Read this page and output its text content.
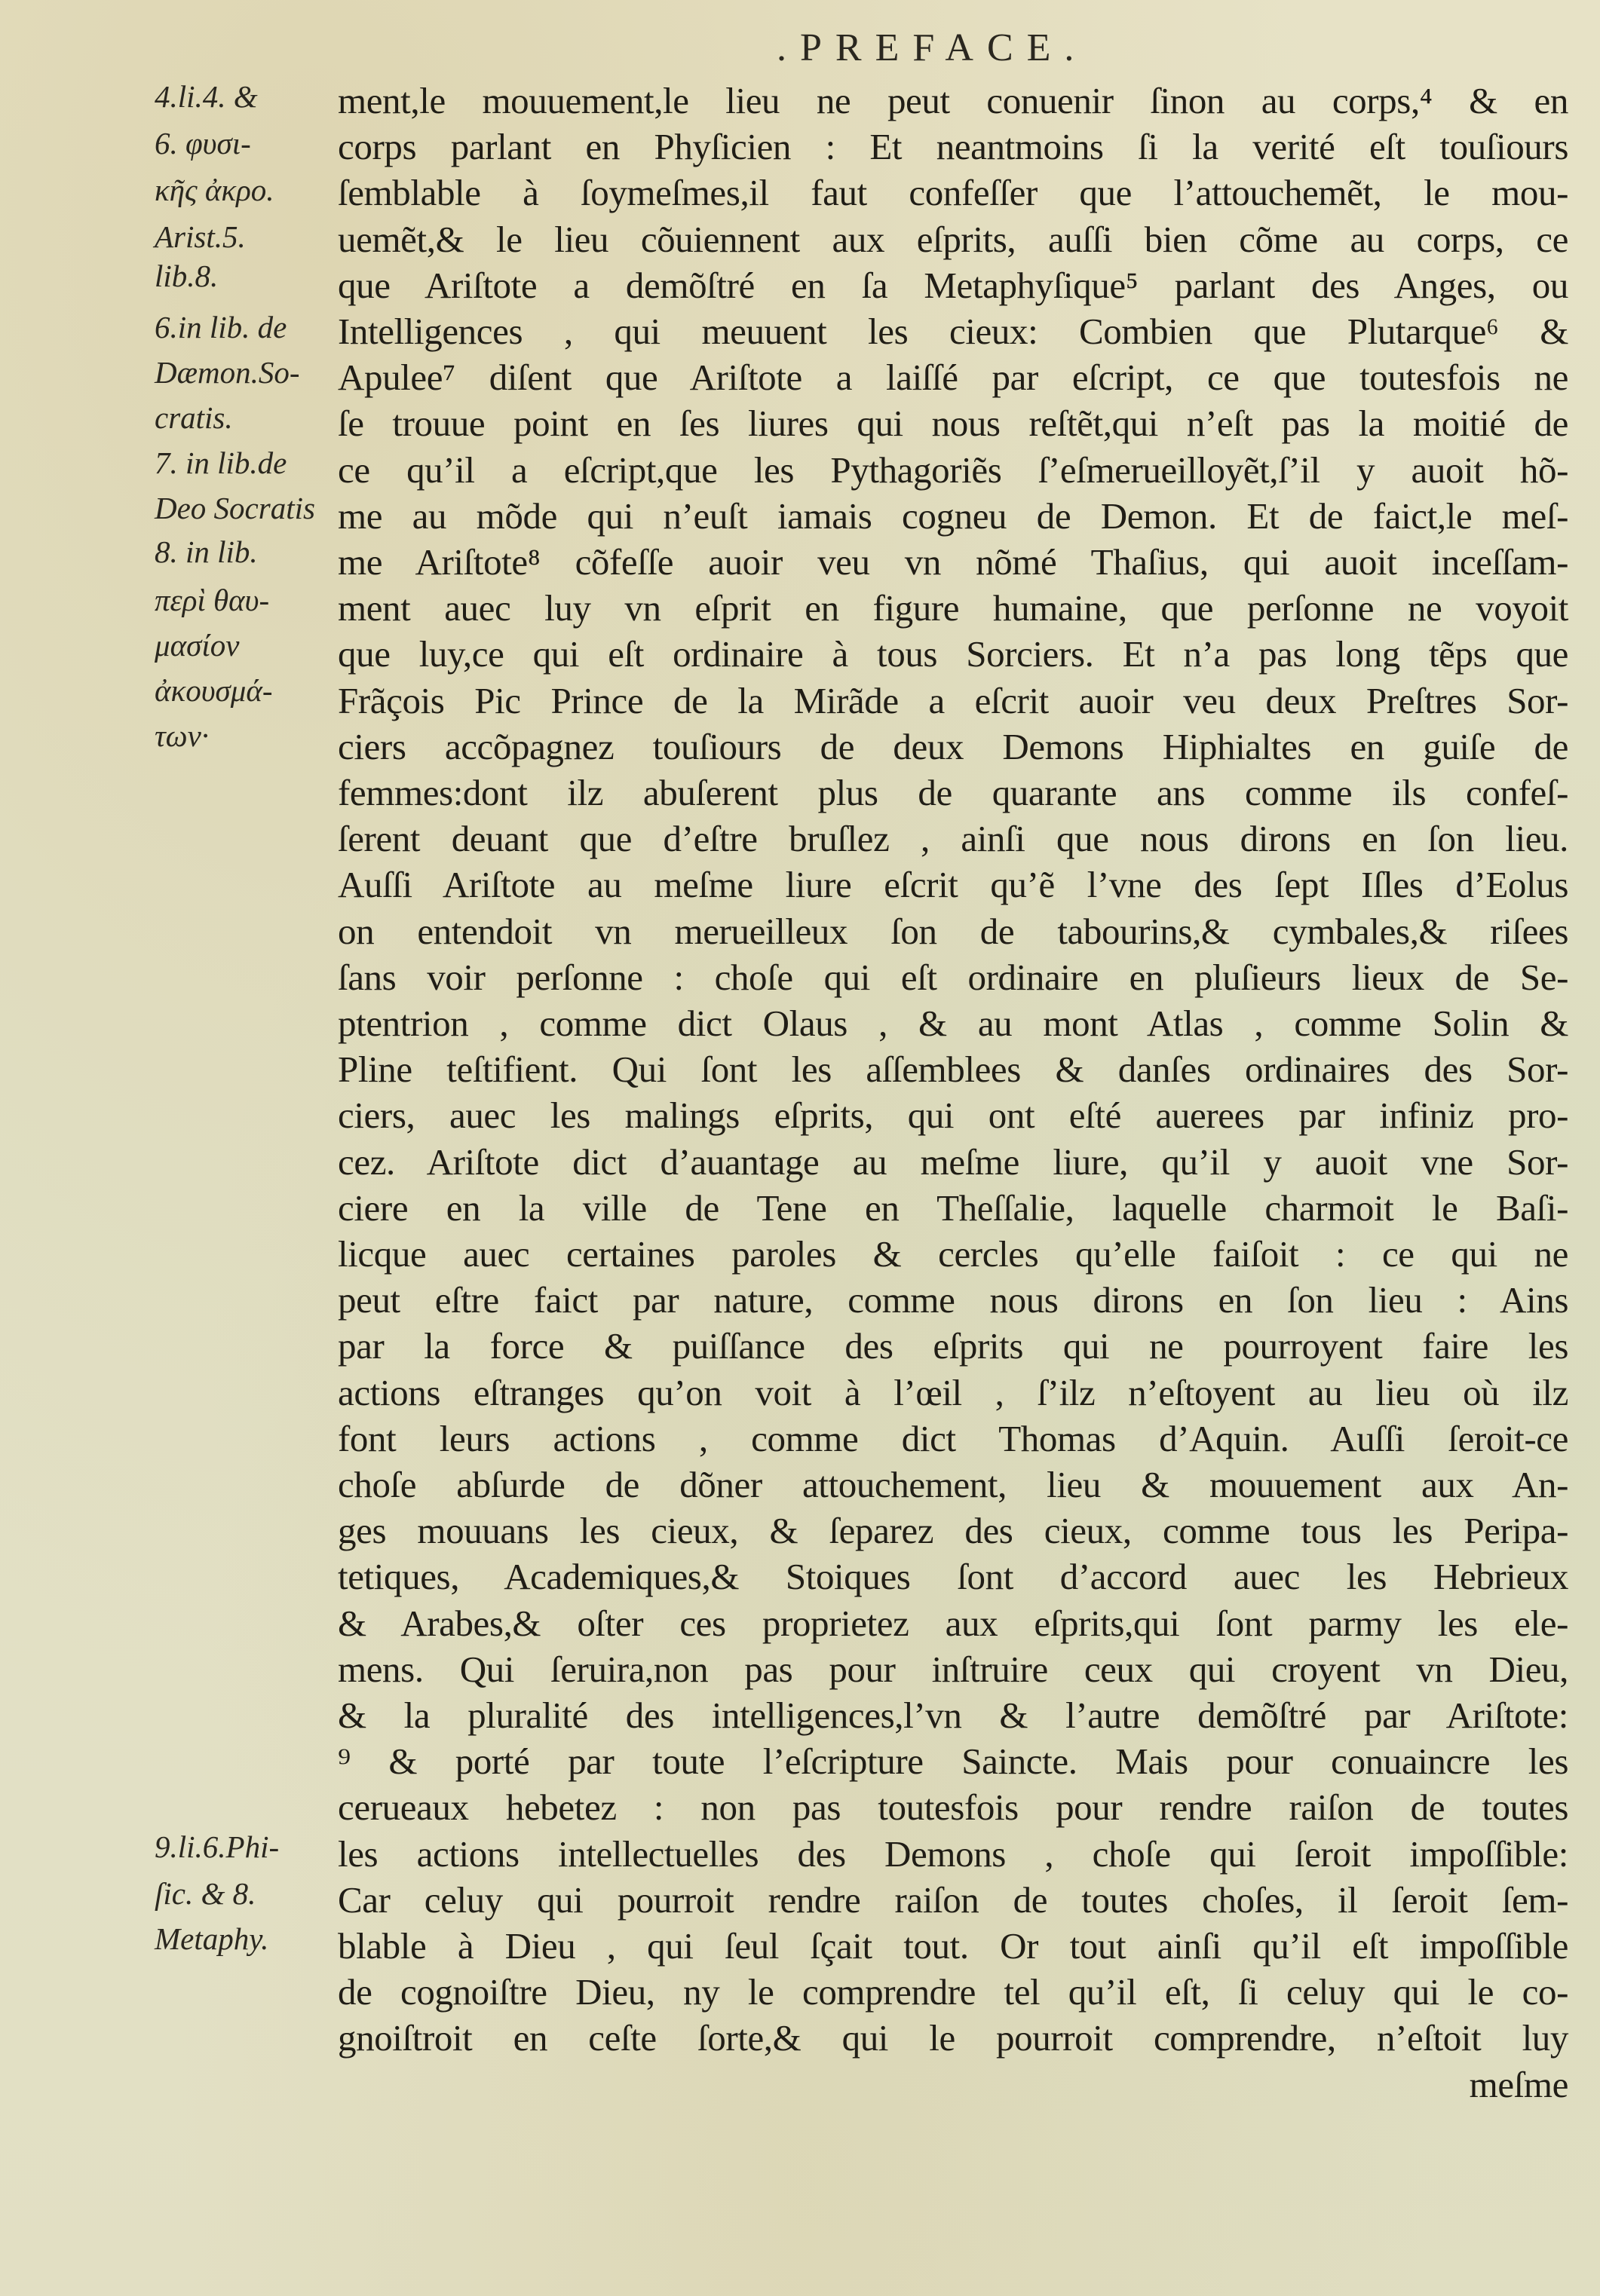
.PREFACE.
4.li.4. &
6. φυσι-
κῆς ἀκρο.
Arist.5.
lib.8.
6.in lib. de
Dæmon.So-
cratis.
7. in lib.de
Deo Socratis
8. in lib.
περὶ θαυ-
μασίον
ἀκουσμά-
των·
9.li.6.Phi-
ſic. & 8.
Metaphy.
ment,le mouuement,le lieu ne peut conuenir ſinon au corps,⁴ & en
corps parlant en Phyſicien : Et neantmoins ſi la verité eſt touſiours
ſemblable à ſoymeſmes,il faut confeſſer que l’attouchemẽt, le mou-
uemẽt,& le lieu cõuiennent aux eſprits, auſſi bien cõme au corps, ce
que Ariſtote a demõſtré en ſa Metaphyſique⁵ parlant des Anges, ou
Intelligences , qui meuuent les cieux: Combien que Plutarque⁶ &
Apulee⁷ diſent que Ariſtote a laiſſé par eſcript, ce que toutesfois ne
ſe trouue point en ſes liures qui nous reſtẽt,qui n’eſt pas la moitié de
ce qu’il a eſcript,que les Pythagoriẽs ſ’eſmerueilloyẽt,ſ’il y auoit hõ-
me au mõde qui n’euſt iamais cogneu de Demon. Et de faict,le meſ-
me Ariſtote⁸ cõfeſſe auoir veu vn nõmé Thaſius, qui auoit inceſſam-
ment auec luy vn eſprit en figure humaine, que perſonne ne voyoit
que luy,ce qui eſt ordinaire à tous Sorciers. Et n’a pas long tẽps que
Frãçois Pic Prince de la Mirãde a eſcrit auoir veu deux Preſtres Sor-
ciers accõpagnez touſiours de deux Demons Hiphialtes en guiſe de
femmes:dont ilz abuſerent plus de quarante ans comme ils confeſ-
ſerent deuant que d’eſtre bruſlez , ainſi que nous dirons en ſon lieu.
Auſſi Ariſtote au meſme liure eſcrit qu’ẽ l’vne des ſept Iſles d’Eolus
on entendoit vn merueilleux ſon de tabourins,& cymbales,& riſees
ſans voir perſonne : choſe qui eſt ordinaire en pluſieurs lieux de Se-
ptentrion , comme dict Olaus , & au mont Atlas , comme Solin &
Pline teſtifient. Qui ſont les aſſemblees & danſes ordinaires des Sor-
ciers, auec les malings eſprits, qui ont eſté auerees par infiniz pro-
cez. Ariſtote dict d’auantage au meſme liure, qu’il y auoit vne Sor-
ciere en la ville de Tene en Theſſalie, laquelle charmoit le Baſi-
licque auec certaines paroles & cercles qu’elle faiſoit : ce qui ne
peut eſtre faict par nature, comme nous dirons en ſon lieu : Ains
par la force & puiſſance des eſprits qui ne pourroyent faire les
actions eſtranges qu’on voit à l’œil , ſ’ilz n’eſtoyent au lieu où ilz
font leurs actions , comme dict Thomas d’Aquin. Auſſi ſeroit-ce
choſe abſurde de dõner attouchement, lieu & mouuement aux An-
ges mouuans les cieux, & ſeparez des cieux, comme tous les Peripa-
tetiques, Academiques,& Stoiques ſont d’accord auec les Hebrieux
& Arabes,& oſter ces proprietez aux eſprits,qui ſont parmy les ele-
mens. Qui ſeruira,non pas pour inſtruire ceux qui croyent vn Dieu,
& la pluralité des intelligences,l’vn & l’autre demõſtré par Ariſtote:
⁹ & porté par toute l’eſcripture Saincte. Mais pour conuaincre les
cerueaux hebetez : non pas toutesfois pour rendre raiſon de toutes
les actions intellectuelles des Demons , choſe qui ſeroit impoſſible:
Car celuy qui pourroit rendre raiſon de toutes choſes, il ſeroit ſem-
blable à Dieu , qui ſeul ſçait tout. Or tout ainſi qu’il eſt impoſſible
de cognoiſtre Dieu, ny le comprendre tel qu’il eſt, ſi celuy qui le co-
gnoiſtroit en ceſte ſorte,& qui le pourroit comprendre, n’eſtoit luy
meſme
